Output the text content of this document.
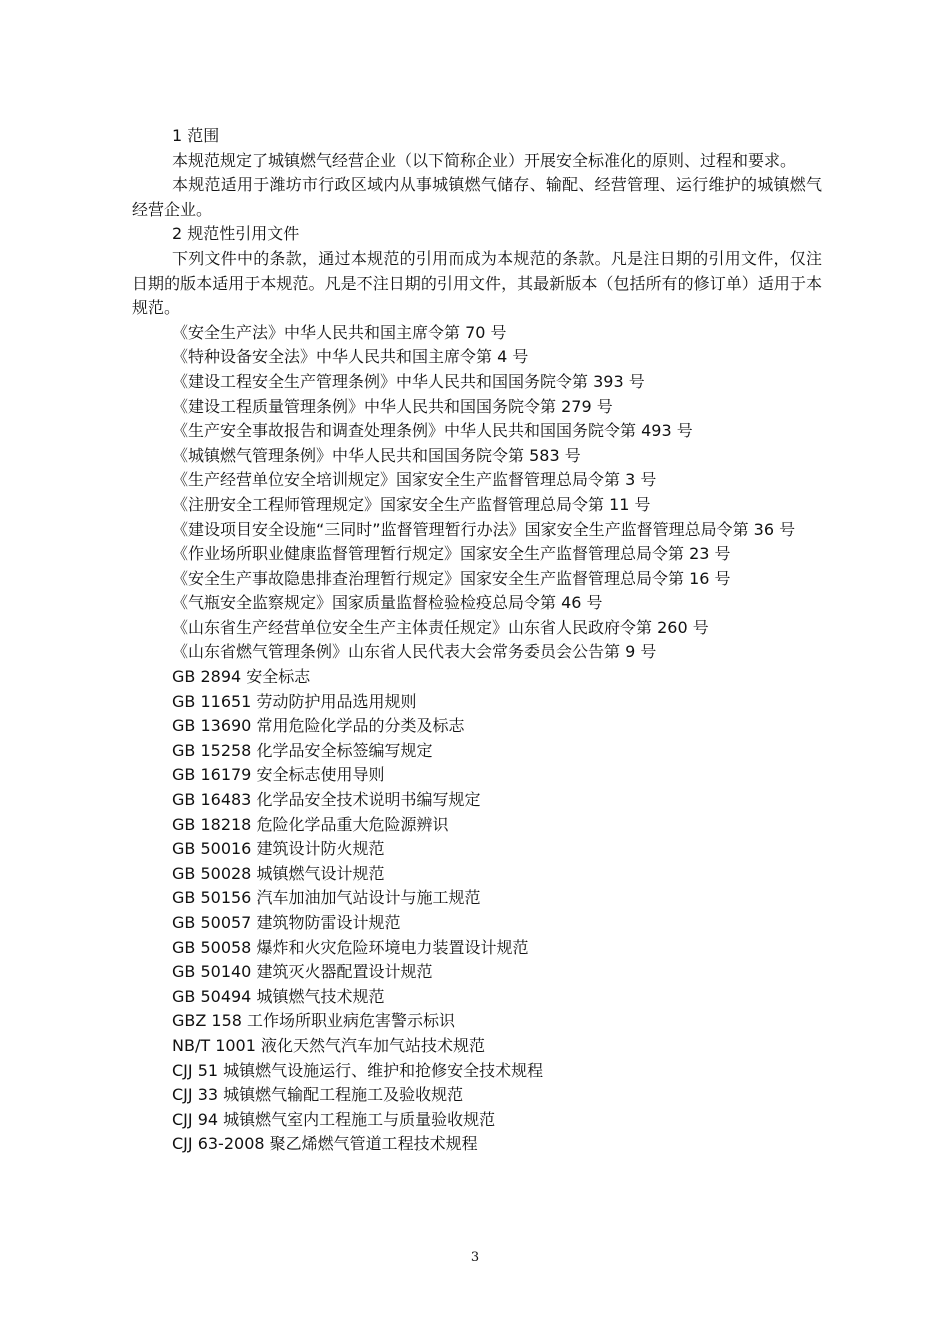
1 范围

本规范规定了城镇燃气经营企业（以下简称企业）开展安全标准化的原则、过程和要求。

本规范适用于潍坊市行政区域内从事城镇燃气储存、输配、经营管理、运行维护的城镇燃气经营企业。

2 规范性引用文件

下列文件中的条款，通过本规范的引用而成为本规范的条款。凡是注日期的引用文件，仅注日期的版本适用于本规范。凡是不注日期的引用文件，其最新版本（包括所有的修订单）适用于本规范。

《安全生产法》中华人民共和国主席令第 70 号

《特种设备安全法》中华人民共和国主席令第 4 号

《建设工程安全生产管理条例》中华人民共和国国务院令第 393 号

《建设工程质量管理条例》中华人民共和国国务院令第 279 号

《生产安全事故报告和调查处理条例》中华人民共和国国务院令第 493 号

《城镇燃气管理条例》中华人民共和国国务院令第 583 号

《生产经营单位安全培训规定》国家安全生产监督管理总局令第 3 号

《注册安全工程师管理规定》国家安全生产监督管理总局令第 11 号

《建设项目安全设施“三同时”监督管理暂行办法》国家安全生产监督管理总局令第 36 号

《作业场所职业健康监督管理暂行规定》国家安全生产监督管理总局令第 23 号

《安全生产事故隐患排查治理暂行规定》国家安全生产监督管理总局令第 16 号

《气瓶安全监察规定》国家质量监督检验检疫总局令第 46 号

《山东省生产经营单位安全生产主体责任规定》山东省人民政府令第 260 号

《山东省燃气管理条例》山东省人民代表大会常务委员会公告第 9 号

GB 2894 安全标志

GB 11651 劳动防护用品选用规则

GB 13690 常用危险化学品的分类及标志

GB 15258 化学品安全标签编写规定

GB 16179 安全标志使用导则

GB 16483 化学品安全技术说明书编写规定

GB 18218 危险化学品重大危险源辨识

GB 50016 建筑设计防火规范

GB 50028 城镇燃气设计规范

GB 50156 汽车加油加气站设计与施工规范

GB 50057 建筑物防雷设计规范

GB 50058 爆炸和火灾危险环境电力装置设计规范

GB 50140 建筑灭火器配置设计规范

GB 50494 城镇燃气技术规范

GBZ 158 工作场所职业病危害警示标识

NB/T 1001 液化天然气汽车加气站技术规范

CJJ 51 城镇燃气设施运行、维护和抢修安全技术规程

CJJ 33 城镇燃气输配工程施工及验收规范

CJJ 94 城镇燃气室内工程施工与质量验收规范

CJJ 63-2008 聚乙烯燃气管道工程技术规程

3
